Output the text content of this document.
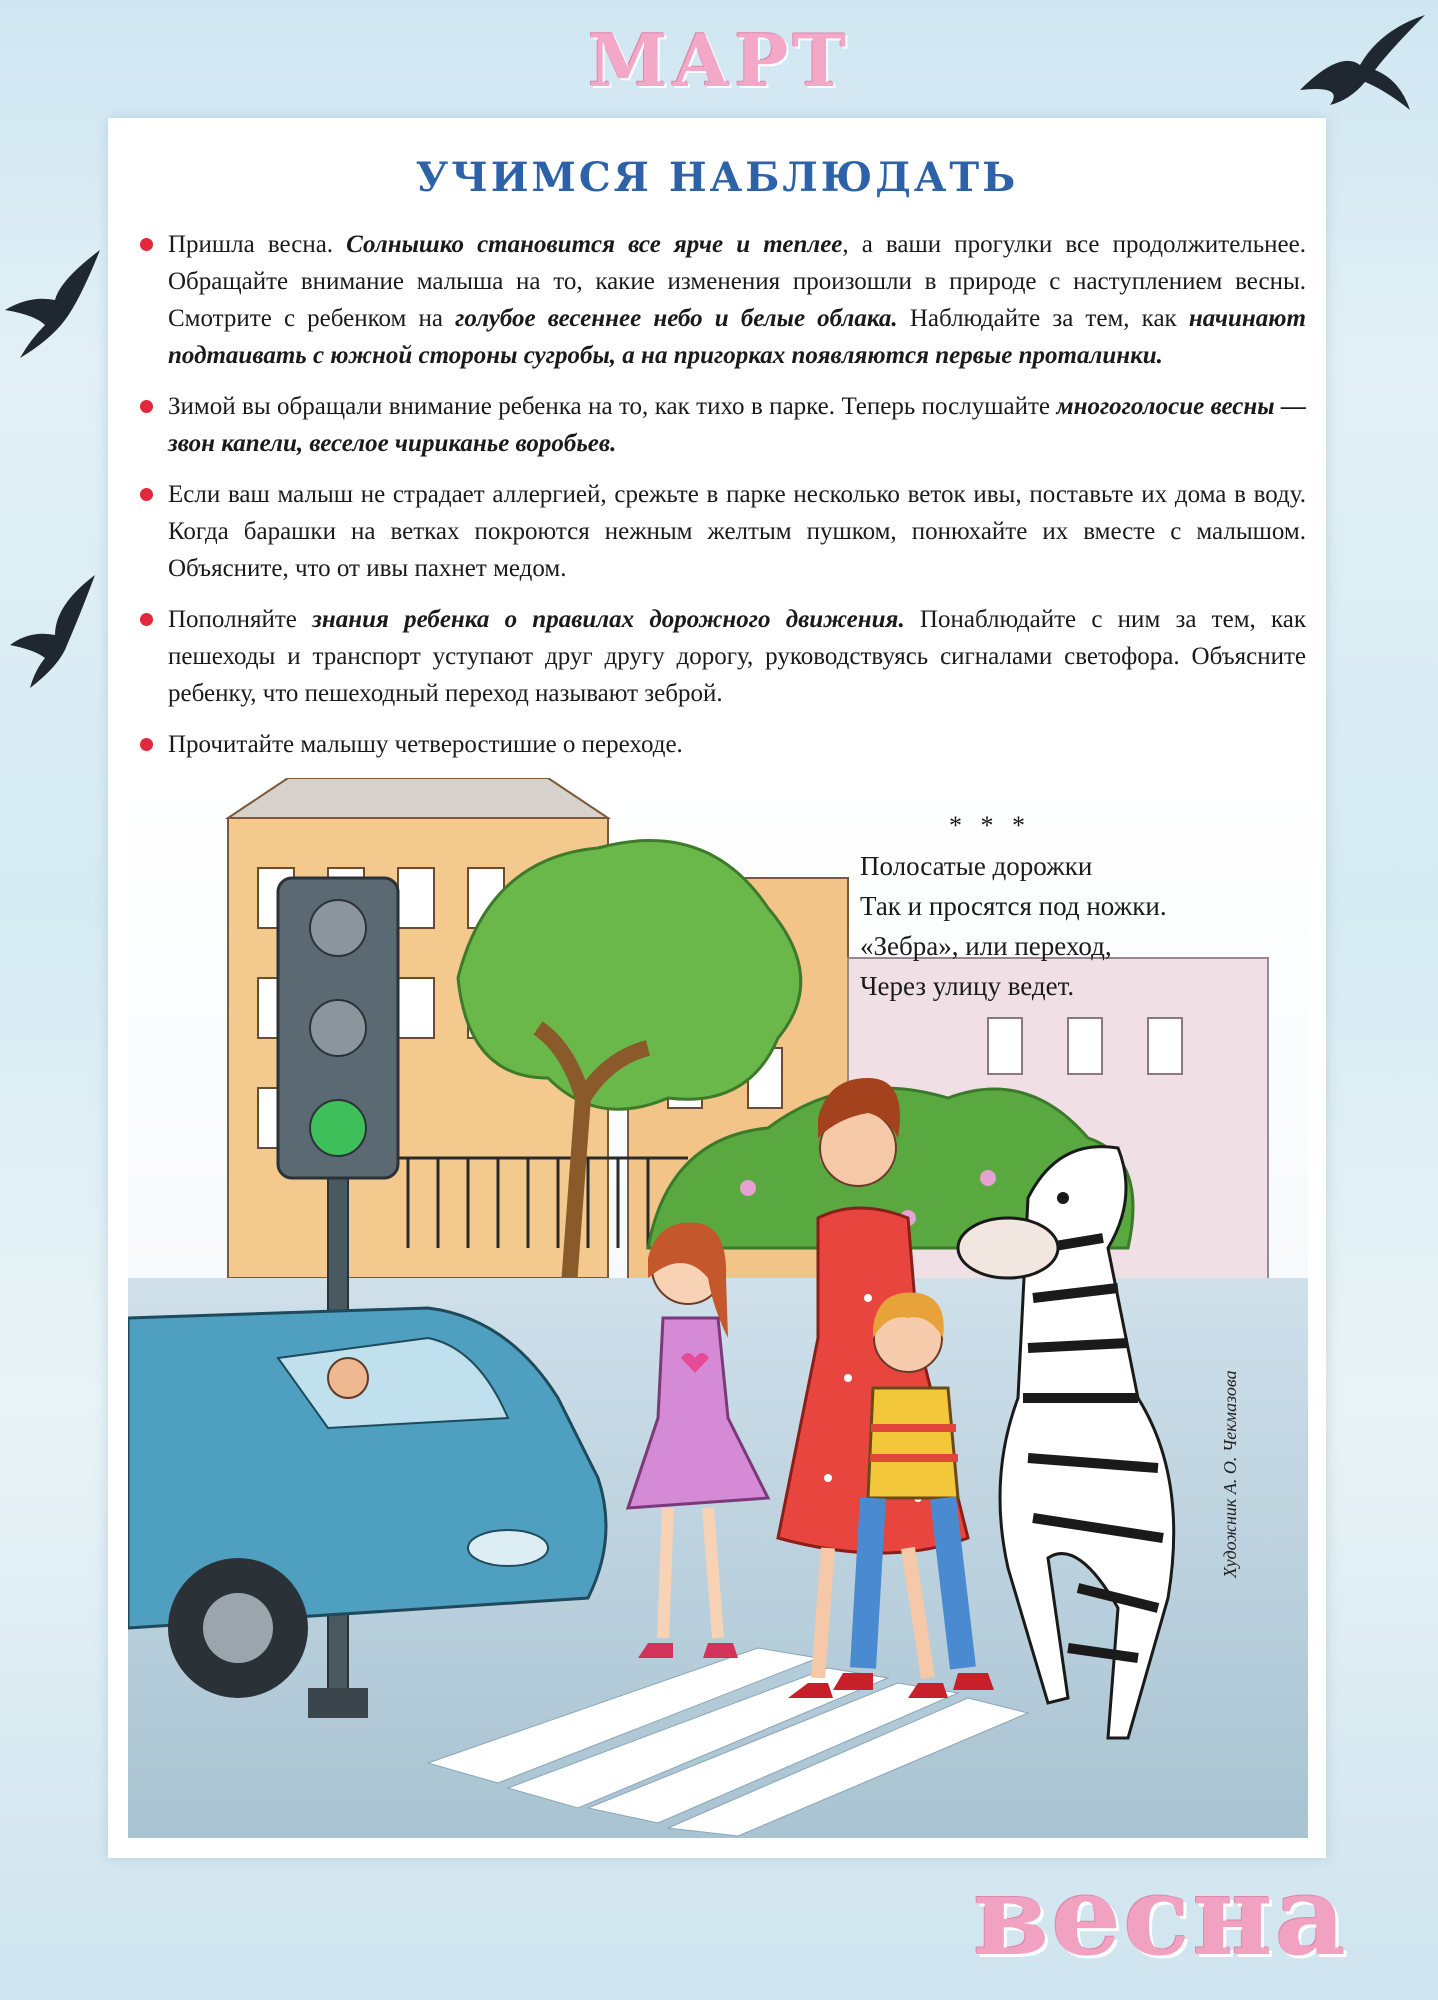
МАРТ
УЧИМСЯ НАБЛЮДАТЬ
Пришла весна. Солнышко становится все ярче и теплее, а ваши прогулки все продолжительнее. Обращайте внимание малыша на то, какие изменения произошли в природе с наступлением весны. Смотрите с ребенком на голубое весеннее небо и белые облака. Наблюдайте за тем, как начинают подтаивать с южной стороны сугробы, а на пригорках появляются первые проталинки.
Зимой вы обращали внимание ребенка на то, как тихо в парке. Теперь послушайте многоголосие весны — звон капели, веселое чириканье воробьев.
Если ваш малыш не страдает аллергией, срежьте в парке несколько веток ивы, поставьте их дома в воду. Когда барашки на ветках покроются нежным желтым пушком, понюхайте их вместе с малышом. Объясните, что от ивы пахнет медом.
Пополняйте знания ребенка о правилах дорожного движения. Понаблюдайте с ним за тем, как пешеходы и транспорт уступают друг другу дорогу, руководствуясь сигналами светофора. Объясните ребенку, что пешеходный переход называют зеброй.
Прочитайте малышу четверостишие о переходе.
* * *
Полосатые дорожки
Так и просятся под ножки.
«Зебра», или переход,
Через улицу ведет.
Художник А. О. Чекмазова
весна
